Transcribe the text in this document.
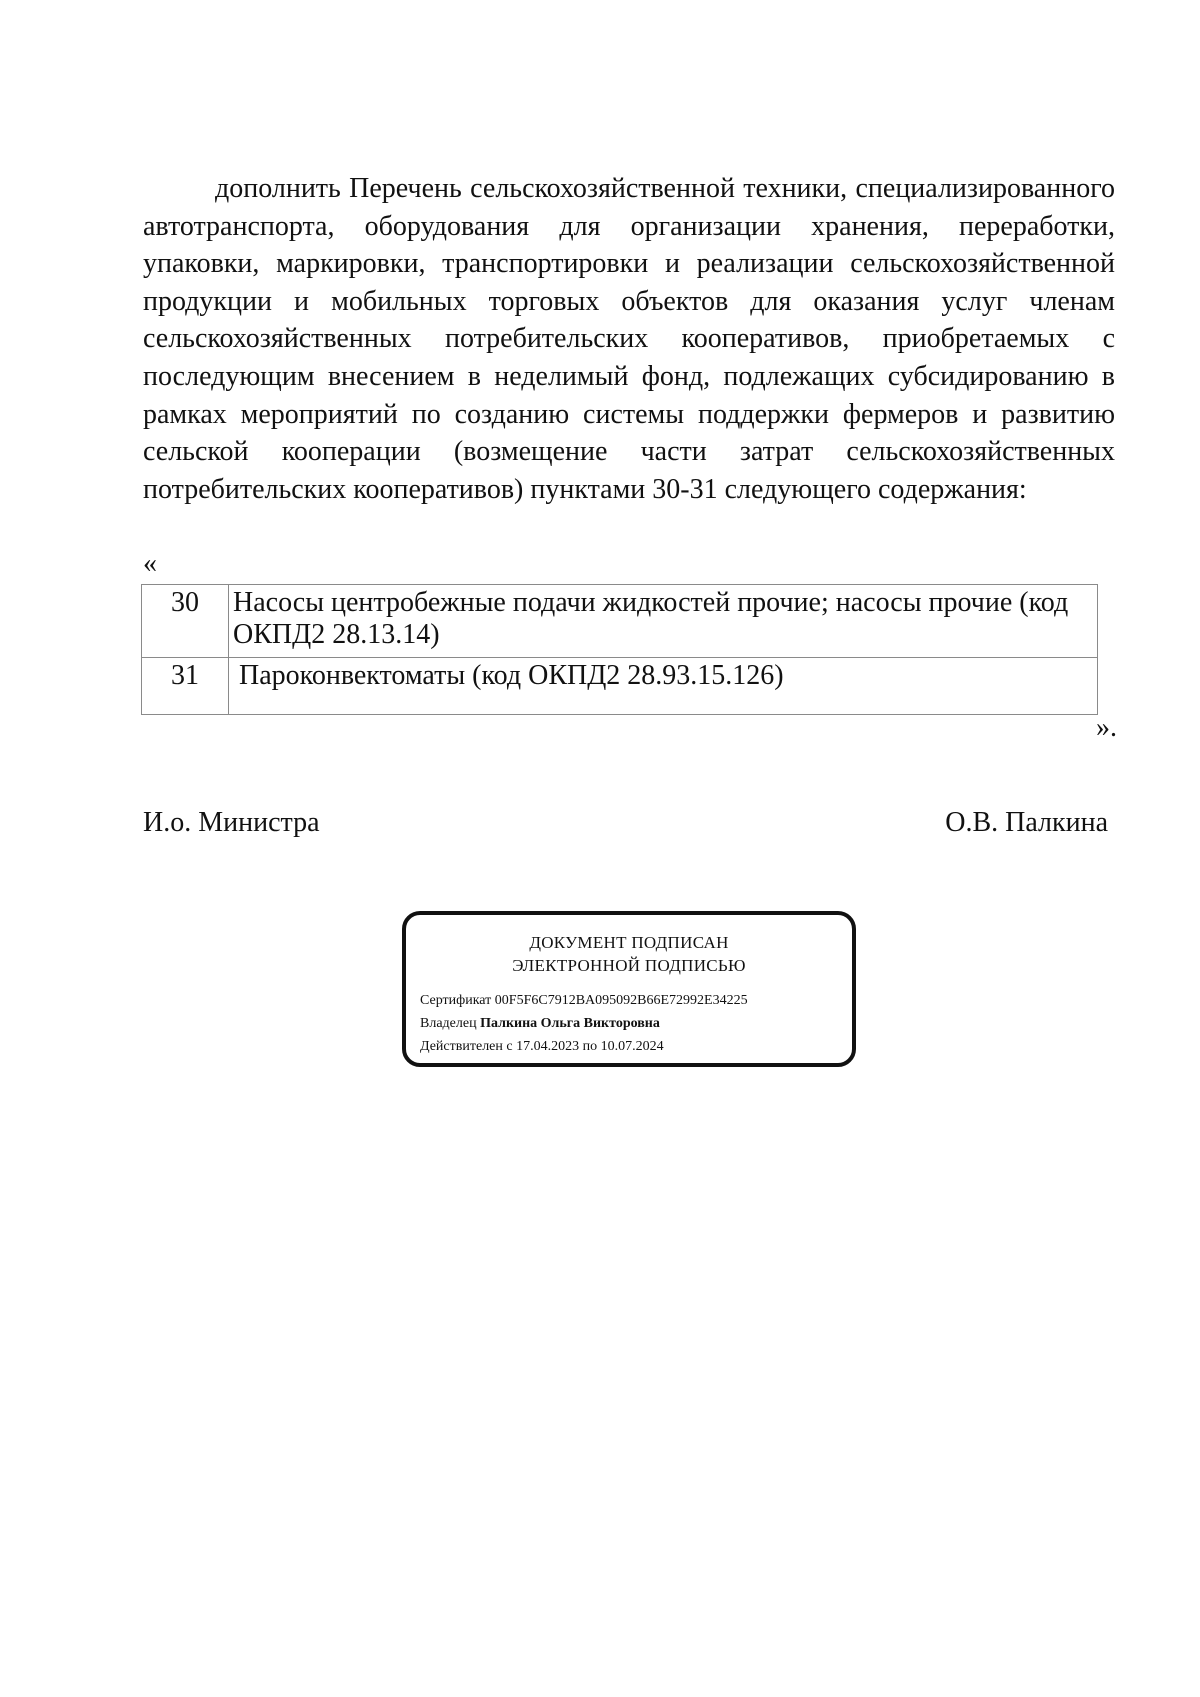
дополнить Перечень сельскохозяйственной техники, специализированного автотранспорта, оборудования для организации хранения, переработки, упаковки, маркировки, транспортировки и реализации сельскохозяйственной продукции и мобильных торговых объектов для оказания услуг членам сельскохозяйственных потребительских кооперативов, приобретаемых с последующим внесением в неделимый фонд, подлежащих субсидированию в рамках мероприятий по созданию системы поддержки фермеров и развитию сельской кооперации (возмещение части затрат сельскохозяйственных потребительских кооперативов) пунктами 30-31 следующего содержания:

«
30	Насосы центробежные подачи жидкостей прочие; насосы прочие (код
ОКПД2 28.13.14)
31	Пароконвектоматы (код ОКПД2 28.93.15.126)
».
И.о. Министра	О.В. Палкина
ДОКУМЕНТ ПОДПИСАН
ЭЛЕКТРОННОЙ ПОДПИСЬЮ
Сертификат 00F5F6C7912BA095092B66E72992E34225
Владелец Палкина Ольга Викторовна
Действителен с 17.04.2023 по 10.07.2024
